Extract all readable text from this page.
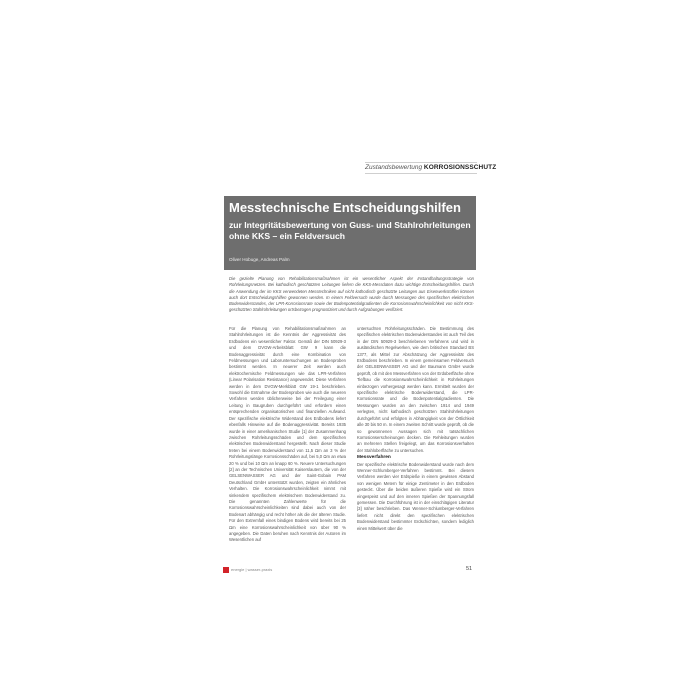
Zustandsbewertung KORROSIONSSCHUTZ
Messtechnische Entscheidungshilfen
zur Integritätsbewertung von Guss- und Stahlrohrleitungen ohne KKS – ein Feldversuch
Oliver Hobuge, Andreas Palm
Die gezielte Planung von Rehabilitationsmaßnahmen ist ein wesentlicher Aspekt der Instandhaltungsstrategie von Rohrleitungsnetzen. Bei kathodisch geschützten Leitungen liefern die KKS-Messdaten dazu wichtige Entscheidungshilfen. Durch die Anwendung der im KKS verwendeten Messtechniken auf nicht kathodisch geschützte Leitungen aus Eisenwerkstoffen können auch dort Entscheidungshilfen gewonnen werden. In einem Feldversuch wurde durch Messungen des spezifischen elektrischen Bodenwiderstandes, der LPR-Korrosionsrate sowie der Bodenpotentialgradienten die Korrosionswahrscheinlichkeit von nicht KKS-geschützten Stahlrohrleitungen ortsbezogen prognostiziert und durch Aufgrabungen verifiziert.

Für die Planung von Rehabilitationsmaßnahmen an Stahlrohrleitungen ist die Kenntnis der Aggressivität des Erdbodens ein wesentlicher Faktor. Gemäß der DIN 50929-3 und dem DVGW-Arbeitsblatt GW 9 kann die Bodenaggressivität durch eine Kombination von Feldmessungen und Laboruntersuchungen an Bodenproben bestimmt werden. In neuerer Zeit werden auch elektrochemische Feldmessungen wie das LPR-Verfahren (Linear Polarisation Resistance) angewendet. Diese Verfahren werden in dem DVGW-Merkblatt GW 19-1 beschrieben. Sowohl die Entnahme der Bodenproben wie auch die neueren Verfahren werden üblicherweise bei der Freilegung einer Leitung in Baugruben durchgeführt und erfordern einen entsprechenden organisatorischen und finanziellen Aufwand. Der spezifische elektrische Widerstand des Erdbodens liefert ebenfalls Hinweise auf die Bodenaggressivität. Bereits 1935 wurde in einer amerikanischen Studie [1] der Zusammenhang zwischen Rohrleitungsschäden und dem spezifischen elektrischen Bodenwiderstand hergestellt. Nach dieser Studie treten bei einem Bodenwiderstand von 11,5 Ωm an 3 % der Rohrleitungslänge Korrosionsschäden auf, bei 5,0 Ωm an etwa 20 % und bei 10 Ωm an knapp 60 %. Neuere Untersuchungen [2] an der Technischen Universität Kaiserslautern, die von der GELSENWASSER AG und der Saint-Gobain PAM Deutschland GmbH unterstützt wurden, zeigten ein ähnliches Verhalten. Die Korrosionswahrscheinlichkeit nimmt mit sinkendem spezifischem elektrischem Bodenwiderstand zu. Die genannten Zahlenwerte für die Korrosionswahrscheinlichkeiten sind dabei auch von der Bodenart abhängig und recht höher als die der älteren Studie. Für den Extremfall eines bindigen Bodens wird bereits bei 25 Ωm eine Korrosionswahrscheinlichkeit von über 90 % angegeben. Die Daten beruhen nach Kenntnis der Autoren im Wesentlichen auf

untersuchten Rohrleitungsschäden. Die Bestimmung des spezifischen elektrischen Bodenwiderstandes ist auch Teil des in der DIN 50929-3 beschriebenen Verfahrens und wird in ausländischen Regelwerken, wie dem britischen Standard BS 1377, als Mittel zur Abschätzung der Aggressivität des Erdbodens beschrieben. In einem gemeinsamen Feldversuch der GELSENWASSER AG und der Baumann GmbH wurde geprüft, ob mit den Messverfahren von der Erdoberfläche ohne Tiefbau die Korrosionswahrscheinlichkeit in Rohrleitungen einbezogen vorhergesagt werden kann. Ermittelt wurden der spezifische elektrische Bodenwiderstand, die LPR-Korrosionsrate und die Bodenpotentialgradienten. Die Messungen wurden an den zwischen 1914 und 1949 verlegten, nicht kathodisch geschützten Stahlrohrleitungen durchgeführt und erfolgten in Abhängigkeit von der Örtlichkeit alle 30 bis 50 m. In einem zweiten Schritt wurde geprüft, ob die so gewonnenen Aussagen sich mit tatsächlichen Korrosionserscheinungen decken. Die Rehleitungen wurden an mehreren Stellen freigelegt, um das Korrosionsverhalten der Stahloberfläche zu untersuchen.

Messverfahren

Der spezifische elektrische Bodenwiderstand wurde nach dem Wenner-Schlumberger-Verfahren bestimmt. Bei diesem Verfahren werden vier Erdspieße in einem gewissen Abstand von wenigen Metern für einige Zentimeter in den Erdboden gesteckt. Über die beiden äußeren Spieße wird ein Strom eingespeist und auf den inneren Spießen der Spannungsfall gemessen. Die Durchführung ist in der einschlägigen Literatur [3] näher beschrieben. Das Wenner-Schlumberger-Verfahren liefert nicht direkt den spezifischen elektrischen Bodenwiderstand bestimmter Erdschichten, sondern lediglich einen Mittelwert über die

energie | wasser-praxis	51
